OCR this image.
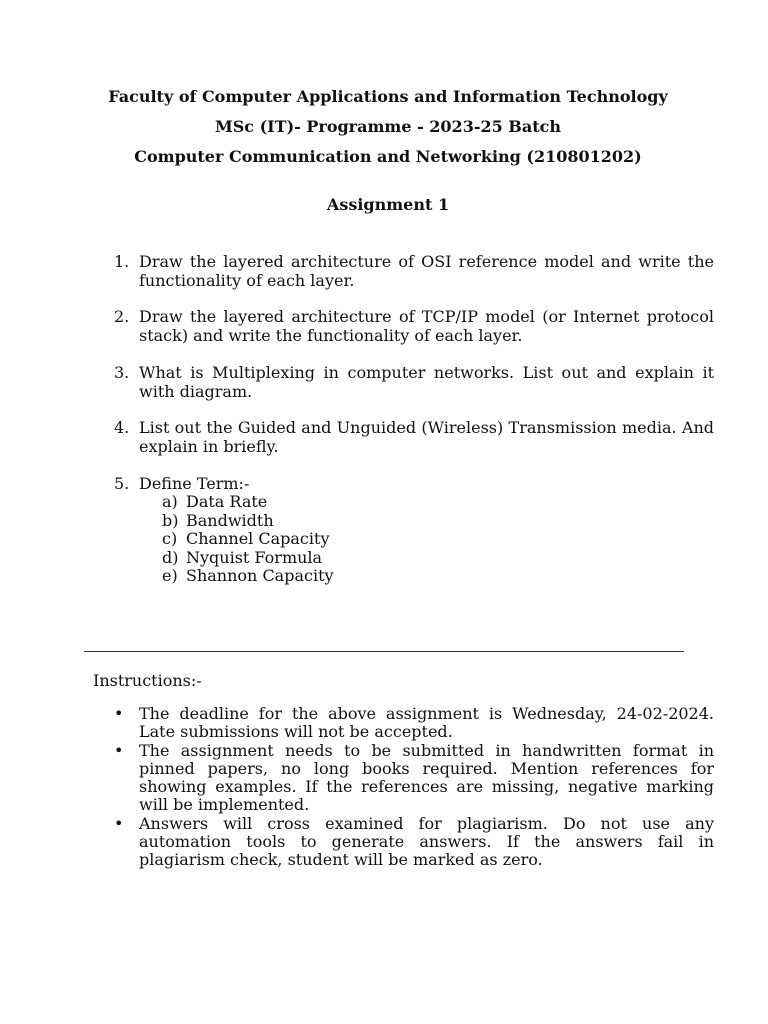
Faculty of Computer Applications and Information Technology
MSc (IT)- Programme - 2023-25 Batch
Computer Communication and Networking (210801202)
Assignment 1
1. Draw the layered architecture of OSI reference model and write the functionality of each layer.
2. Draw the layered architecture of TCP/IP model (or Internet protocol stack) and write the functionality of each layer.
3. What is Multiplexing in computer networks. List out and explain it with diagram.
4. List out the Guided and Unguided (Wireless) Transmission media. And explain in briefly.
5. Define Term:-
a) Data Rate
b) Bandwidth
c) Channel Capacity
d) Nyquist Formula
e) Shannon Capacity
Instructions:-
• The deadline for the above assignment is Wednesday, 24-02-2024. Late submissions will not be accepted.
• The assignment needs to be submitted in handwritten format in pinned papers, no long books required. Mention references for showing examples. If the references are missing, negative marking will be implemented.
• Answers will cross examined for plagiarism. Do not use any automation tools to generate answers. If the answers fail in plagiarism check, student will be marked as zero.
